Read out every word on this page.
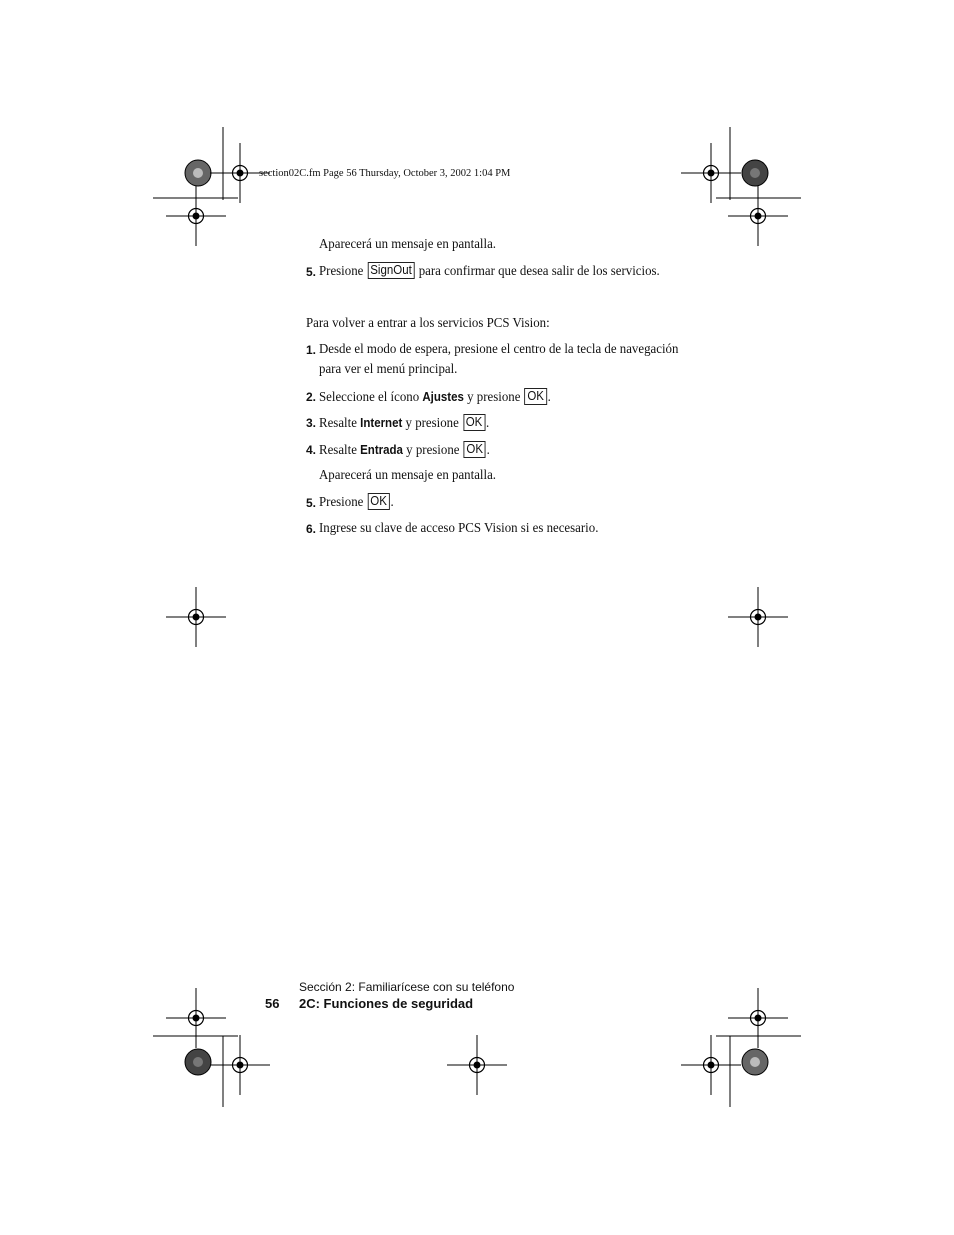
section02C.fm Page 56 Thursday, October 3, 2002 1:04 PM
Aparecerá un mensaje en pantalla.
5. Presione SignOut para confirmar que desea salir de los servicios.
Para volver a entrar a los servicios PCS Vision:
1. Desde el modo de espera, presione el centro de la tecla de navegación
para ver el menú principal.
2. Seleccione el ícono Ajustes y presione OK .
3. Resalte Internet y presione OK .
4. Resalte Entrada y presione OK .
Aparecerá un mensaje en pantalla.
5. Presione OK .
6. Ingrese su clave de acceso PCS Vision si es necesario.
Sección 2: Familiarícese con su teléfono
56 2C: Funciones de seguridad
